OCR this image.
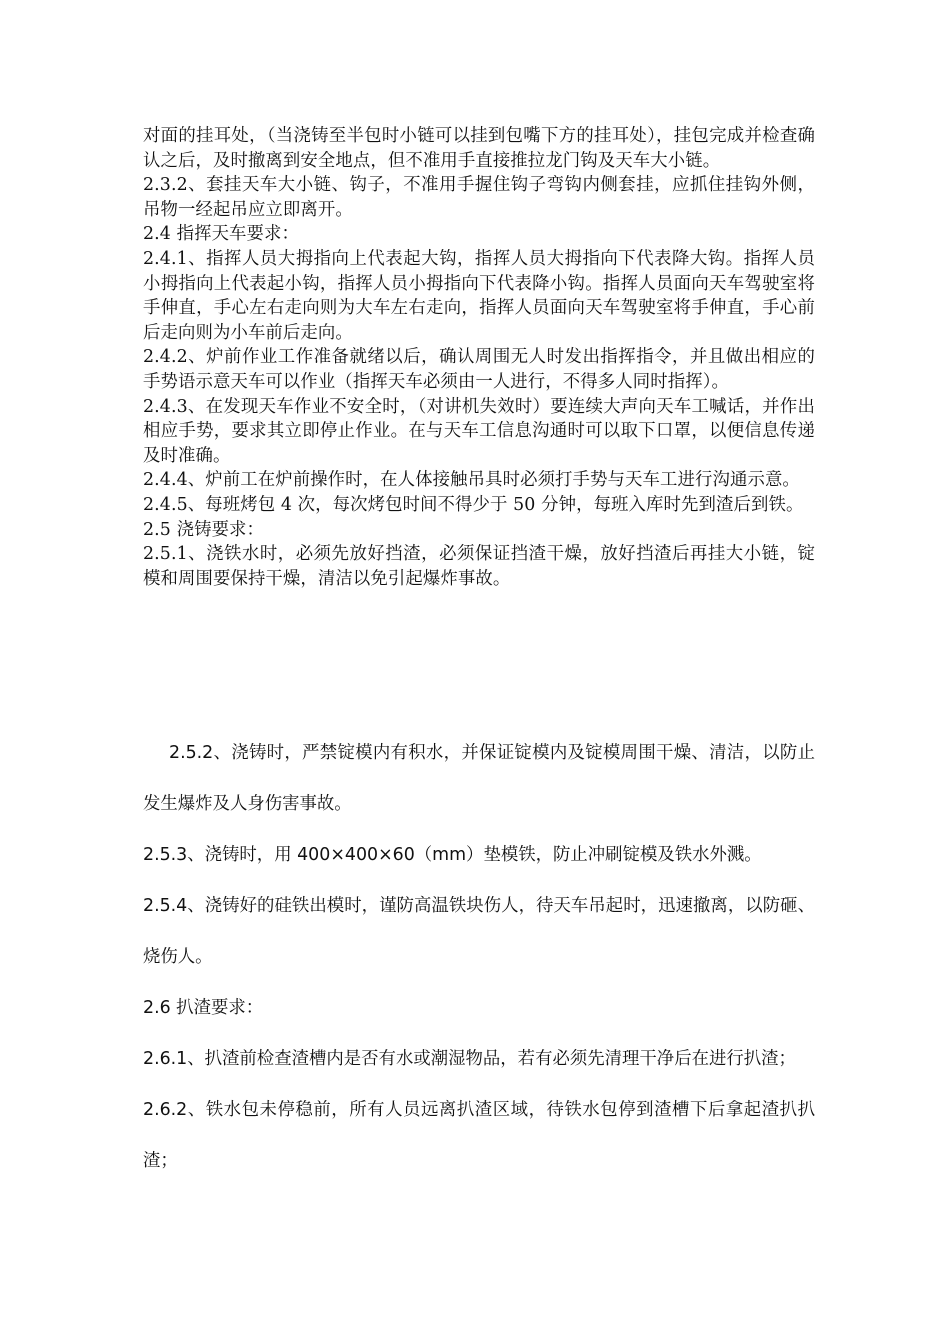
对面的挂耳处，（当浇铸至半包时小链可以挂到包嘴下方的挂耳处），挂包完成并检查确认之后，及时撤离到安全地点，但不准用手直接推拉龙门钩及天车大小链。

2.3.2、套挂天车大小链、钩子，不准用手握住钩子弯钩内侧套挂，应抓住挂钩外侧，吊物一经起吊应立即离开。

2.4 指挥天车要求：

2.4.1、指挥人员大拇指向上代表起大钩，指挥人员大拇指向下代表降大钩。指挥人员小拇指向上代表起小钩，指挥人员小拇指向下代表降小钩。指挥人员面向天车驾驶室将手伸直，手心左右走向则为大车左右走向，指挥人员面向天车驾驶室将手伸直，手心前后走向则为小车前后走向。

2.4.2、炉前作业工作准备就绪以后，确认周围无人时发出指挥指令，并且做出相应的手势语示意天车可以作业（指挥天车必须由一人进行，不得多人同时指挥）。

2.4.3、在发现天车作业不安全时，（对讲机失效时）要连续大声向天车工喊话，并作出相应手势，要求其立即停止作业。在与天车工信息沟通时可以取下口罩，以便信息传递及时准确。

2.4.4、炉前工在炉前操作时，在人体接触吊具时必须打手势与天车工进行沟通示意。

2.4.5、每班烤包 4 次，每次烤包时间不得少于 50 分钟，每班入库时先到渣后到铁。

2.5 浇铸要求：

2.5.1、浇铁水时，必须先放好挡渣，必须保证挡渣干燥，放好挡渣后再挂大小链，锭模和周围要保持干燥，清洁以免引起爆炸事故。

2.5.2、浇铸时，严禁锭模内有积水，并保证锭模内及锭模周围干燥、清洁，以防止发生爆炸及人身伤害事故。

2.5.3、浇铸时，用 400×400×60（mm）垫模铁，防止冲刷锭模及铁水外溅。

2.5.4、浇铸好的硅铁出模时，谨防高温铁块伤人，待天车吊起时，迅速撤离，以防砸、烧伤人。

2.6 扒渣要求：

2.6.1、扒渣前检查渣槽内是否有水或潮湿物品，若有必须先清理干净后在进行扒渣；

2.6.2、铁水包未停稳前，所有人员远离扒渣区域，待铁水包停到渣槽下后拿起渣扒扒渣；
